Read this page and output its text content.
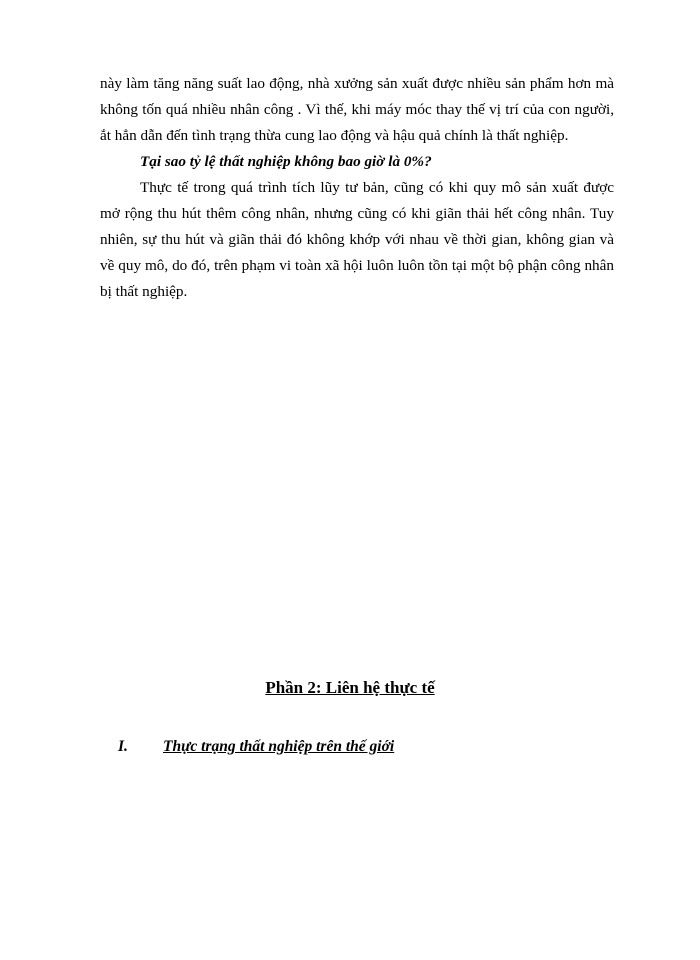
này làm tăng năng suất lao động, nhà xưởng sản xuất được nhiều sản phẩm hơn mà
không tốn quá nhiều nhân công . Vì thế, khi máy móc thay thế vị trí của con người,
ắt hẳn dẫn đến tình trạng thừa cung lao động và hậu quả chính là thất nghiệp.
Tại sao tỷ lệ thất nghiệp không bao giờ là 0%?
Thực tế trong quá trình tích lũy tư bản, cũng có khi quy mô sản xuất được
mở rộng thu hút thêm công nhân, nhưng cũng có khi giãn thải hết công nhân. Tuy
nhiên, sự thu hút và giãn thải đó không khớp với nhau về thời gian, không gian và
về quy mô, do đó, trên phạm vi toàn xã hội luôn luôn tồn tại một bộ phận công nhân
bị thất nghiệp.
Phần 2: Liên hệ thực tế
I. Thực trạng thất nghiệp trên thế giới
